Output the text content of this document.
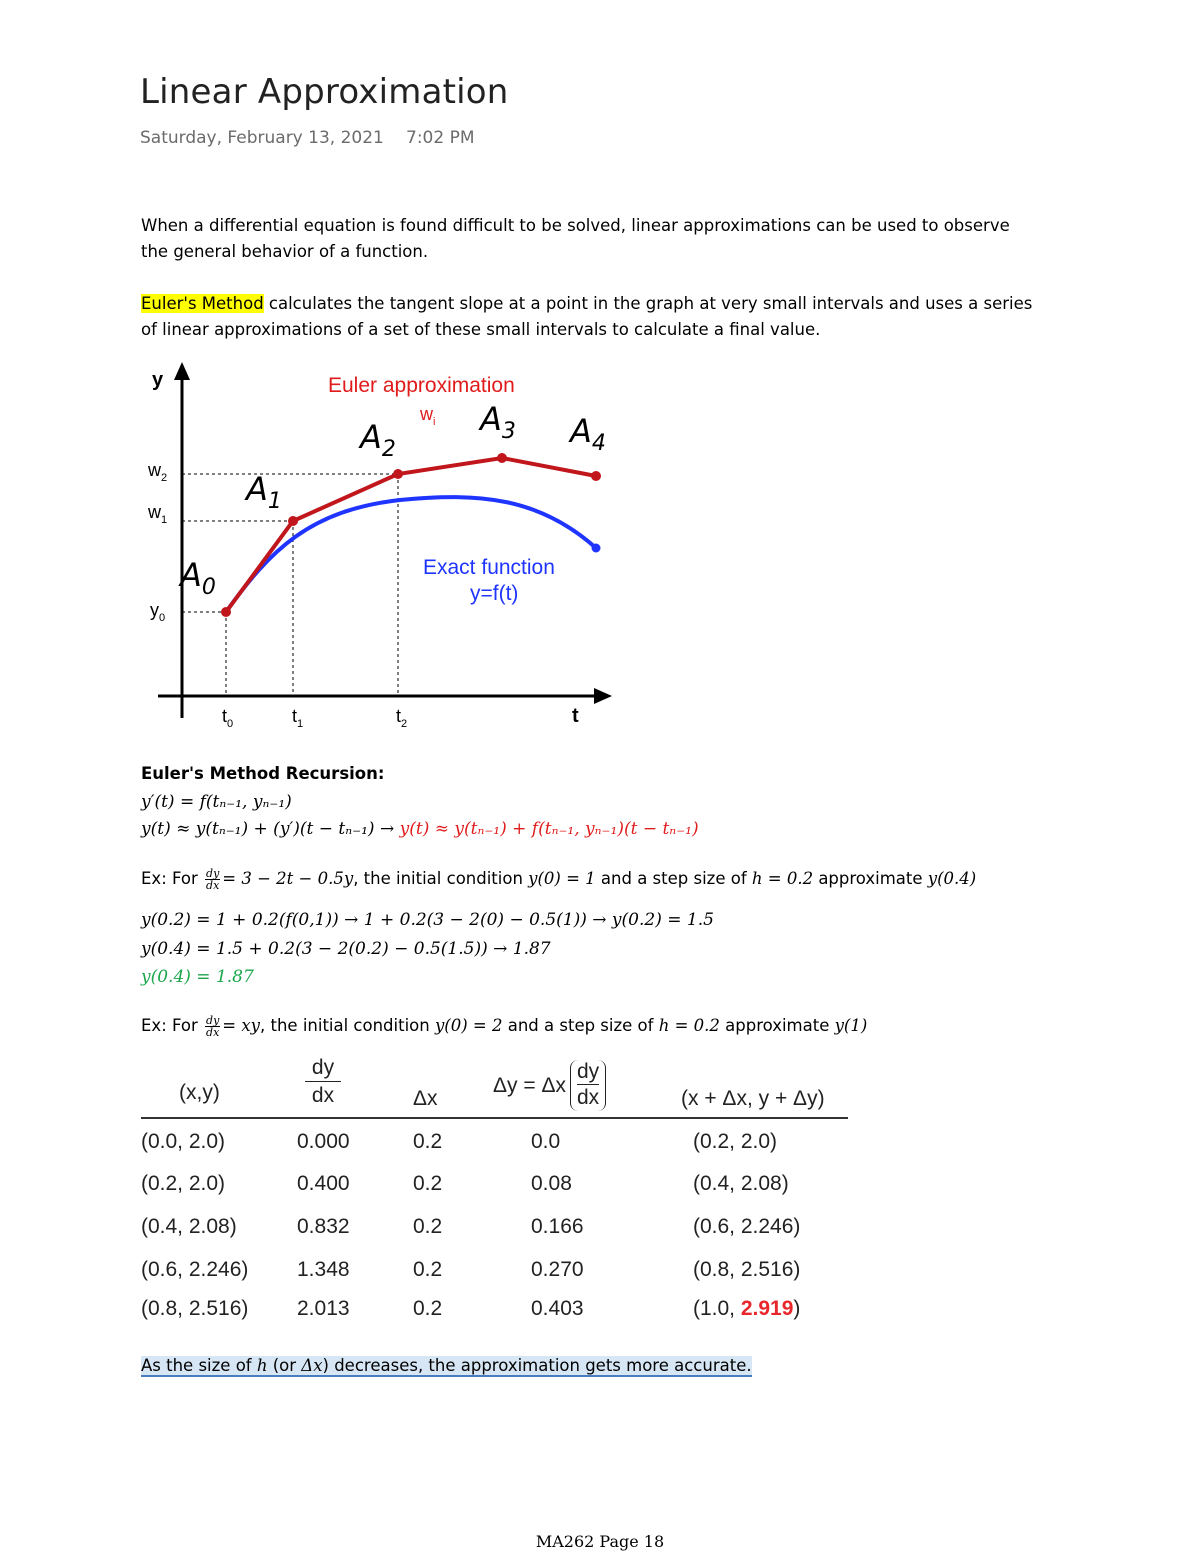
Linear Approximation
Saturday, February 13, 2021 7:02 PM
When a differential equation is found difficult to be solved, linear approximations can be used to observe
the general behavior of a function.
Euler's Method calculates the tangent slope at a point in the graph at very small intervals and uses a series
of linear approximations of a set of these small intervals to calculate a final value.
y
t
Euler approximation
$w_i$
Exact function
y=f(t)
$A_0$
$A_1$
$A_2$
$A_3$ $A_4$
$w_2$
$w_1$
$y_0$
$t_0$	$t_1$	$t_2$
Euler's Method Recursion:
y′(t) = f(tₙ₋₁, yₙ₋₁)
y(t) ≈ y(tₙ₋₁) + (y′)(t − tₙ₋₁) → y(t) ≈ y(tₙ₋₁) + f(tₙ₋₁, yₙ₋₁)(t − tₙ₋₁)
Ex: For $\frac{dy}{dx} = 3 - 2t - 0.5y$, the initial condition y(0) = 1 and a step size of h = 0.2 approximate y(0.4)
y(0.2) = 1 + 0.2(f(0,1)) → 1 + 0.2(3 − 2(0) − 0.5(1)) → y(0.2) = 1.5
y(0.4) = 1.5 + 0.2(3 − 2(0.2) − 0.5(1.5)) → 1.87
y(0.4) = 1.87
Ex: For $\frac{dy}{dx}$ = xy, the initial condition y(0) = 2 and a step size of h = 0.2 approximate y(1)
(x,y)
dy
dx	Δx
Δy = Δx $\frac{dy}{dx}$	(x + Δx, y + Δy)
(0.0, 2.0)	0.000	0.2	0.0	(0.2, 2.0)
(0.2, 2.0)	0.400	0.2	0.08	(0.4, 2.08)
(0.4, 2.08)	0.832	0.2	0.166	(0.6, 2.246)
(0.6, 2.246) 1.348	0.2	0.270	(0.8, 2.516)
(0.8, 2.516) 2.013	0.2	0.403	(1.0, 2.919)
As the size of h (or Δx) decreases, the approximation gets more accurate.
MA262 Page 18
